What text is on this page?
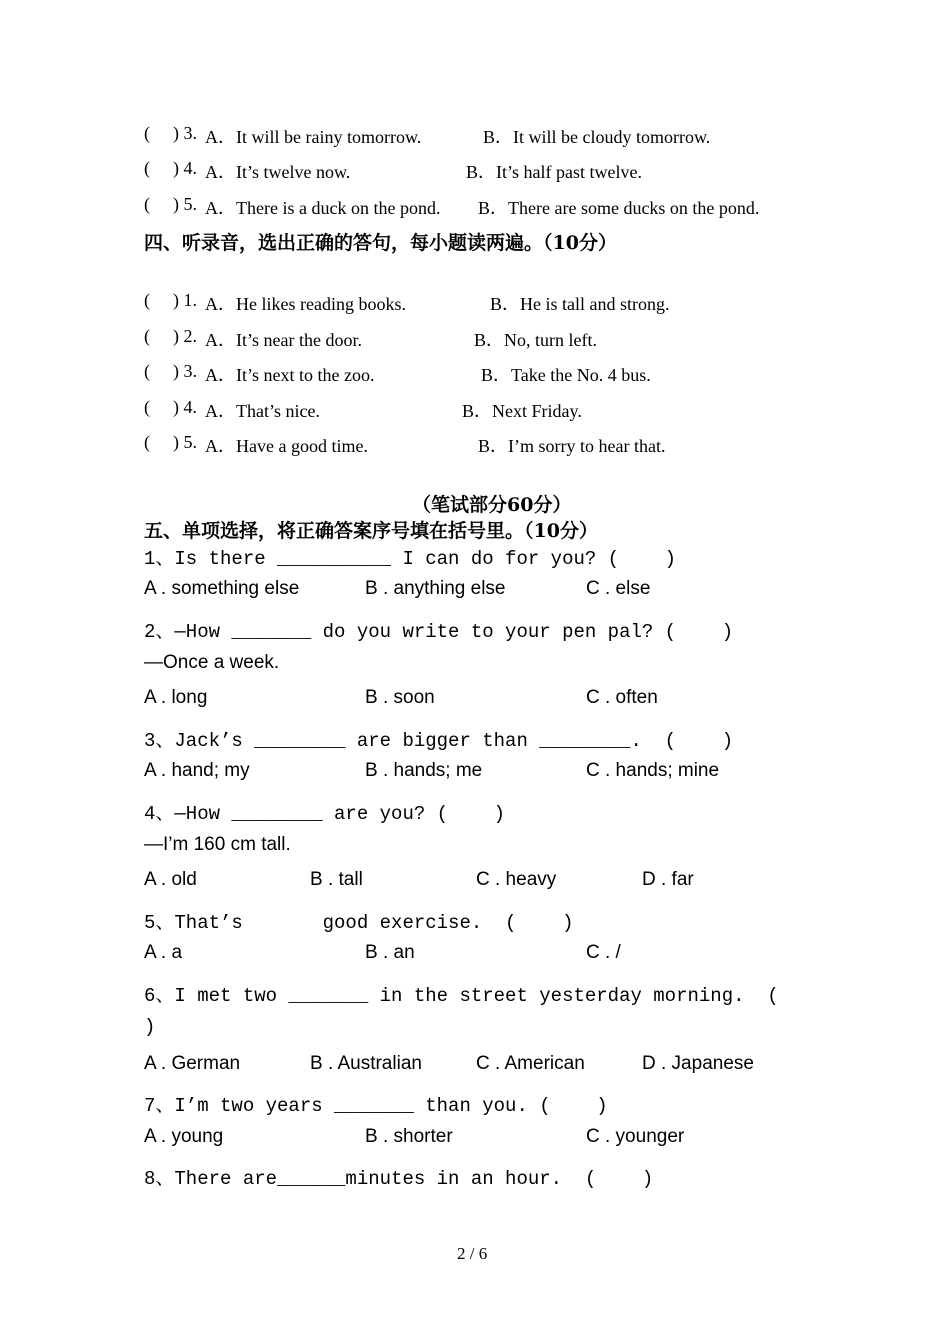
( ) 3. A．It will be rainy tomorrow.	B．It will be cloudy tomorrow.
( ) 4. A．It’s twelve now.	B．It’s half past twelve.
( ) 5. A．There is a duck on the pond. B．There are some ducks on the pond.
四、听录音，选出正确的答句，每小题读两遍。（10分）
( ) 1. A．He likes reading books.	B．He is tall and strong.
( ) 2. A．It’s near the door.	B．No, turn left.
( ) 3. A．It’s next to the zoo.	B．Take the No. 4 bus.
( ) 4. A．That’s nice.	B．Next Friday.
( ) 5. A．Have a good time.	B．I’m sorry to hear that.
（笔试部分60分）
五、单项选择，将正确答案序号填在括号里。（10分）
1、Is there __________ I can do for you? (    )
A . something else	B . anything else	C . else
2、—How _______ do you write to your pen pal? (    )
—Once a week.
A . long	B . soon	C . often
3、Jack’s ________ are bigger than ________.  (    )
A . hand; my	B . hands; me	C . hands; mine
4、—How ________ are you? (    )
—I’m 160 cm tall.
A . old	B . tall	C . heavy	D . far
5、That’s       good exercise.  (    )
A . a	B . an	C . /
6、I met two _______ in the street yesterday morning.  (
)
A . German	B . Australian	C . American	D . Japanese
7、I’m two years _______ than you. (    )
A . young	B . shorter	C . younger
8、There are______minutes in an hour.  (    )
2 / 6
